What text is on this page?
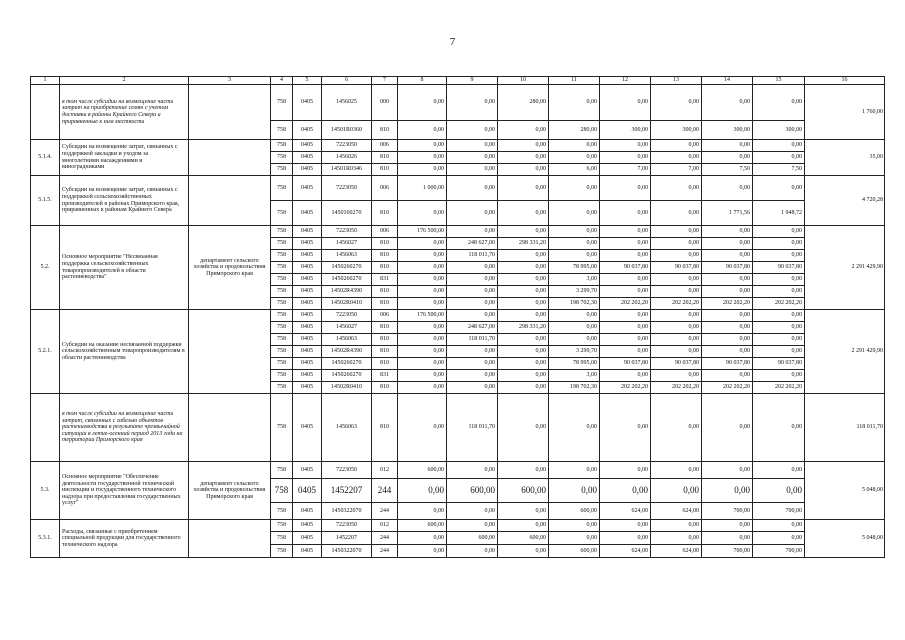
7
1	2	3	4	5	6	7	8	9	10	11	12	13	14	15	16
	в том числе субсидии на возмещение части затрат на приобретение семян с учетом доставки в районы Крайнего Севера и приравненные к ним местности		758	0405	1456025	000	0,00	0,00	280,00	0,00	0,00	0,00	0,00	0,00	1 760,00
			758	0405	14501R0360	810	0,00	0,00	0,00	280,00	300,00	300,00	300,00	300,00	
5.1.4.	Субсидии на возмещение затрат, связанных с поддержкой закладки и уходом за многолетними насаждениями и виноградниками		758	0405	7223050	006	0,00	0,00	0,00	0,00	0,00	0,00	0,00	0,00	35,00
			758	0405	1456026	810	0,00	0,00	0,00	0,00	0,00	0,00	0,00	0,00	
			758	0405	14501R0346	810	0,00	0,00	0,00	6,00	7,00	7,00	7,50	7,50	
5.1.5.	Субсидии на возмещение затрат, связанных с поддержкой сельскохозяйственных производителей в районах Приморского края, приравненных к районам Крайнего Севера		758	0405	7223050	006	1 000,00	0,00	0,00	0,00	0,00	0,00	0,00	0,00	4 720,28
			758	0405	1450160270	810	0,00	0,00	0,00	0,00	0,00	0,00	1 771,56	1 948,72	
5.2.	Основное мероприятие "Несвязанная поддержка сельскохозяйственных товаропроизводителей в области растениеводства"	департамент сельского хозяйства и продовольствия Приморского края	758	0405	7223050	006	176 500,00	0,00	0,00	0,00	0,00	0,00	0,00	0,00	2 291 429,90
			758	0405	1456027	810	0,00	248 627,00	298 331,20	0,00	0,00	0,00	0,00	0,00	
			758	0405	1456063	810	0,00	118 011,70	0,00	0,00	0,00	0,00	0,00	0,00	
			758	0405	1450260270	810	0,00	0,00	0,00	78 995,00	90 037,80	90 037,80	90 037,80	90 037,80	
			758	0405	1450260270	831	0,00	0,00	0,00	3,00	0,00	0,00	0,00	0,00	
			758	0405	14502R4390	810	0,00	0,00	0,00	3 299,70	0,00	0,00	0,00	0,00	
			758	0405	14502R0410	810	0,00	0,00	0,00	198 702,30	202 202,20	202 202,20	202 202,20	202 202,20	
5.2.1.	Субсидии на оказание несвязанной поддержки сельскохозяйственным товаропроизводителям в области растениеводства		758	0405	7223050	006	176 500,00	0,00	0,00	0,00	0,00	0,00	0,00	0,00	2 291 429,90
			758	0405	1456027	810	0,00	248 627,00	298 331,20	0,00	0,00	0,00	0,00	0,00	
			758	0405	1456063	810	0,00	118 011,70	0,00	0,00	0,00	0,00	0,00	0,00	
			758	0405	14502R4390	810	0,00	0,00	0,00	3 299,70	0,00	0,00	0,00	0,00	
			758	0405	1450260270	810	0,00	0,00	0,00	78 995,00	90 037,80	90 037,80	90 037,80	90 037,80	
			758	0405	1450260270	831	0,00	0,00	0,00	3,00	0,00	0,00	0,00	0,00	
			758	0405	14502R0410	810	0,00	0,00	0,00	198 702,30	202 202,20	202 202,20	202 202,20	202 202,20	
	в том числе субсидии на возмещение части затрат, связанных с гибелью объектов растениеводства в результате чрезвычайной ситуации в летне-осенний период 2013 года на территории Приморского края		758	0405	1456063	810	0,00	118 011,70	0,00	0,00	0,00	0,00	0,00	0,00	118 011,70
5.3.	Основное мероприятие "Обеспечение деятельности государственной технической инспекции и государственного технического надзора при предоставлении государственных услуг"	департамент сельского хозяйства и продовольствия Приморского края	758	0405	7223050	012	600,00	0,00	0,00	0,00	0,00	0,00	0,00	0,00	5 048,00
			758	0405	1452207	244	0,00	600,00	600,00	0,00	0,00	0,00	0,00	0,00	
			758	0405	1450322070	244	0,00	0,00	0,00	600,00	624,00	624,00	700,00	700,00	
5.3.1.	Расходы, связанные с приобретением специальной продукции для государственного технического надзора		758	0405	7223050	012	600,00	0,00	0,00	0,00	0,00	0,00	0,00	0,00	5 048,00
			758	0405	1452207	244	0,00	600,00	600,00	0,00	0,00	0,00	0,00	0,00	
			758	0405	1450322070	244	0,00	0,00	0,00	600,00	624,00	624,00	700,00	700,00	
